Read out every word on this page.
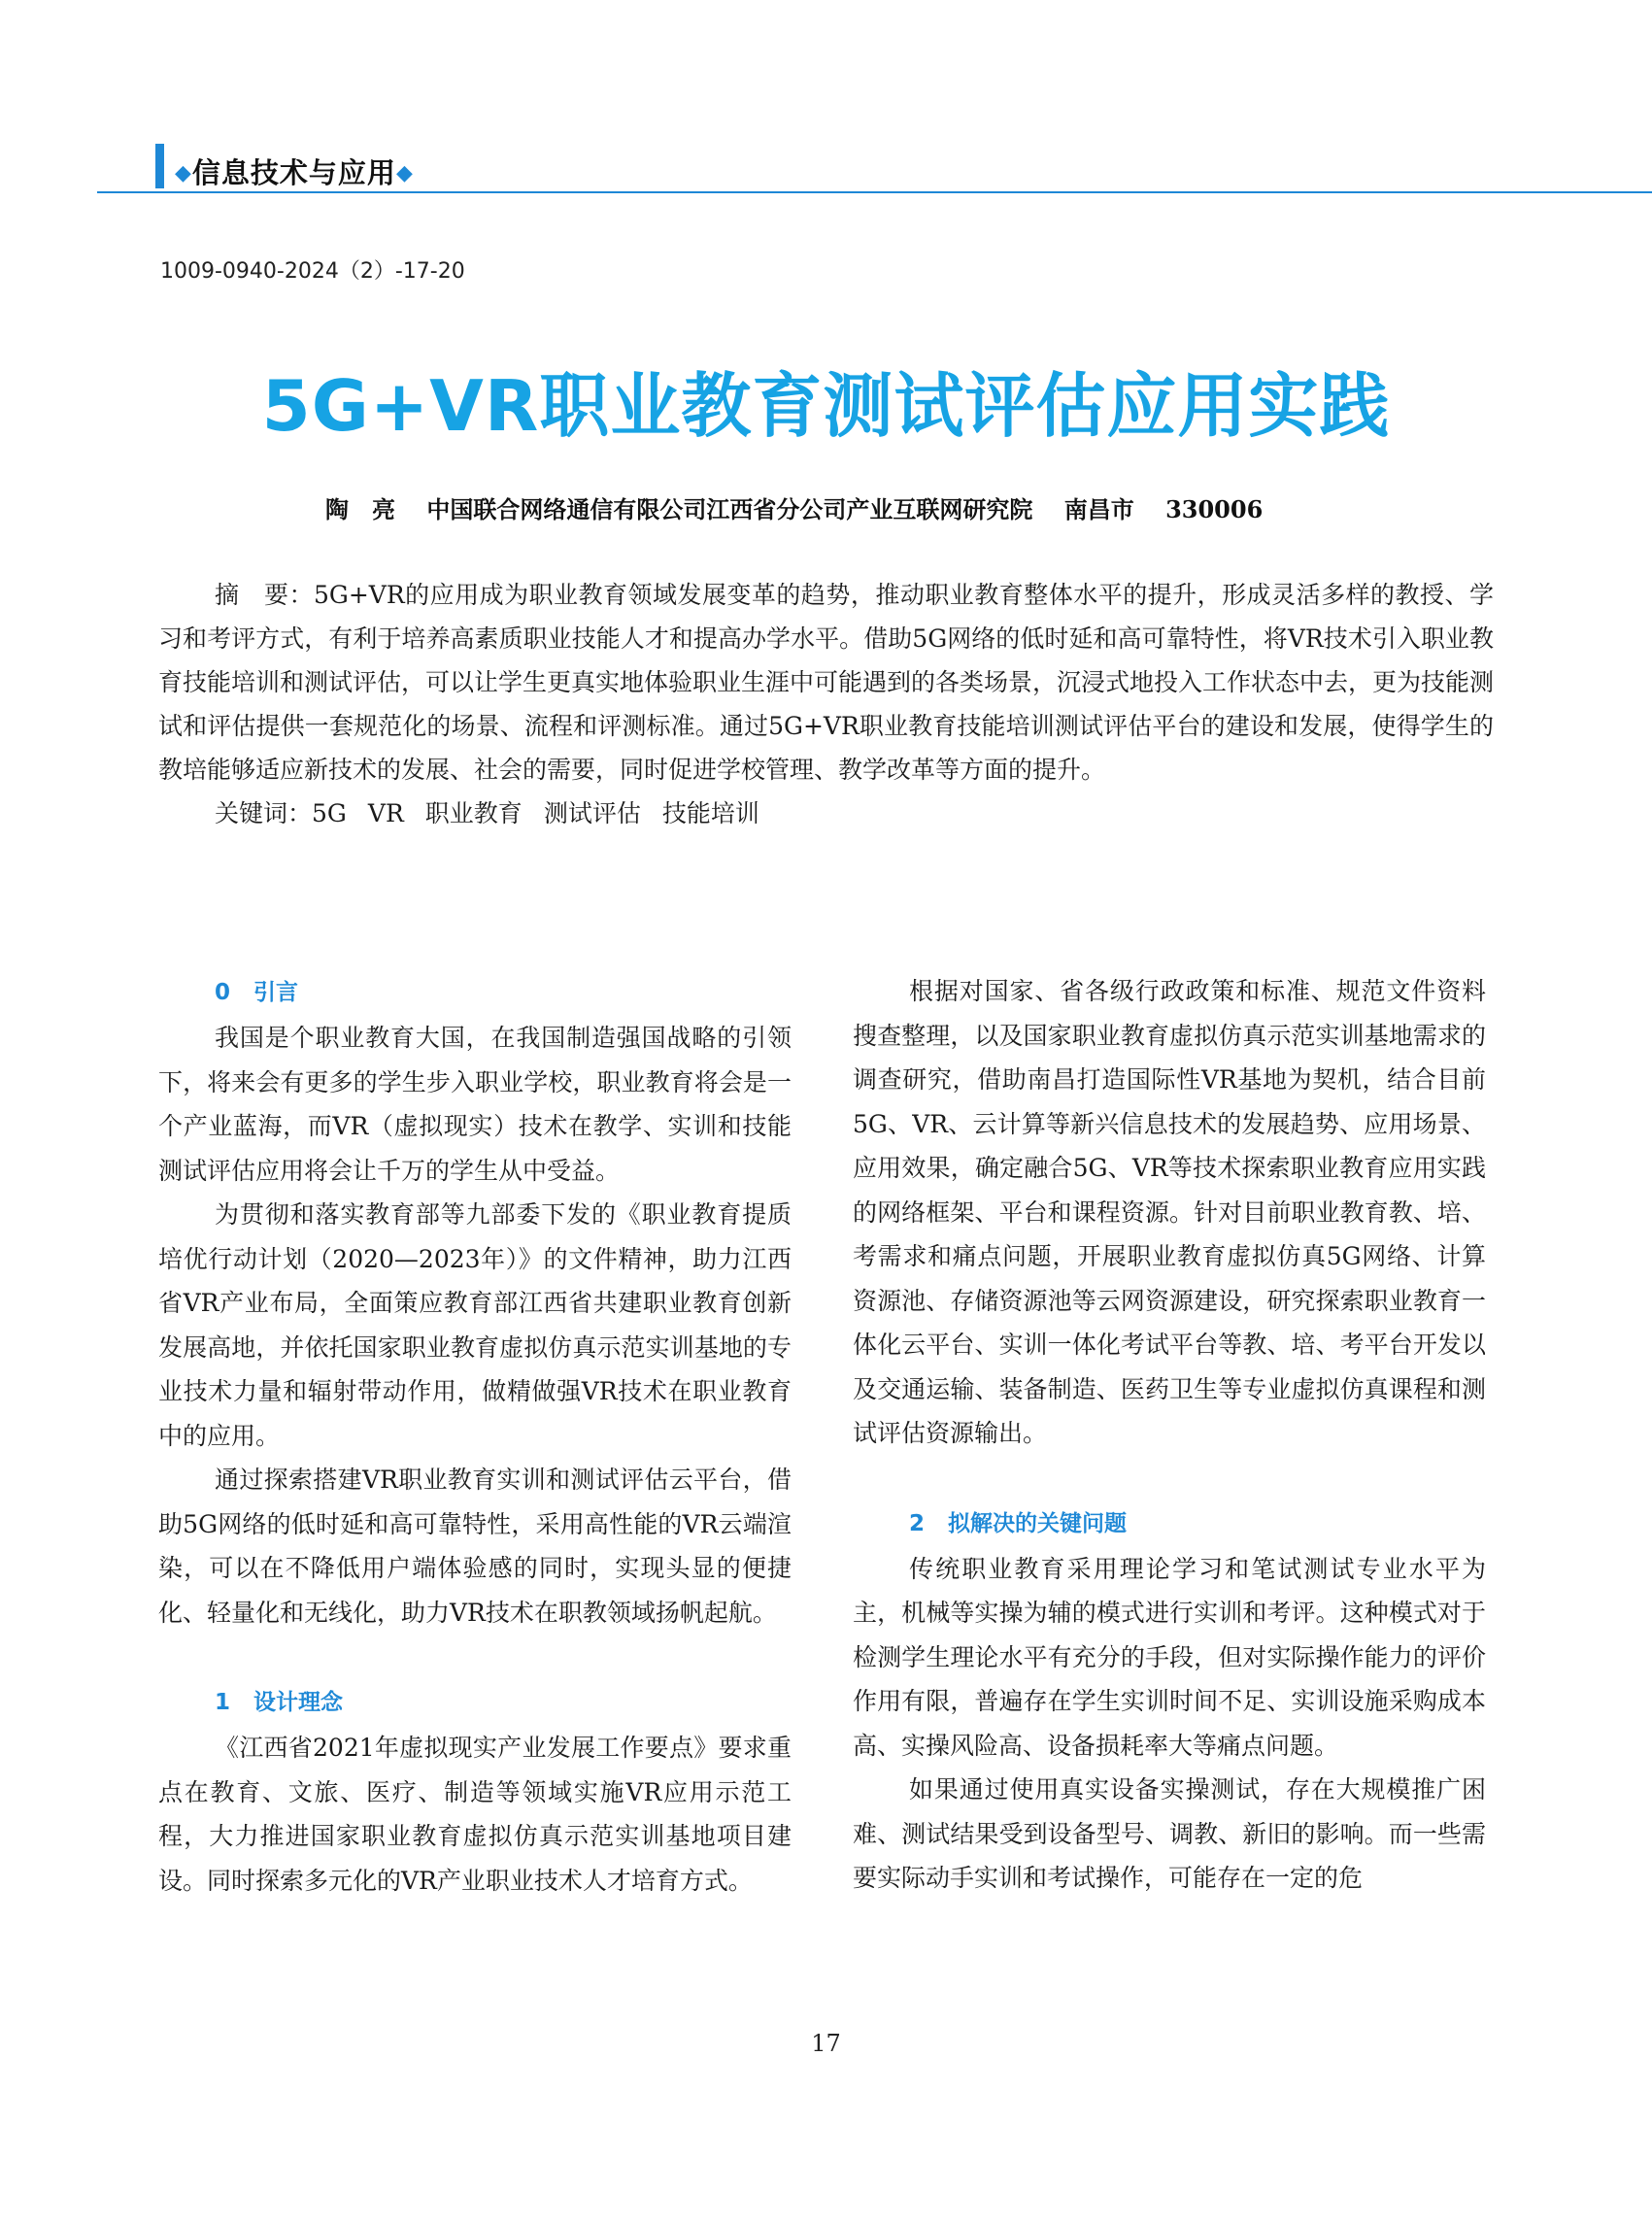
◆信息技术与应用◆
1009-0940-2024（2）-17-20
5G+VR职业教育测试评估应用实践
陶　亮 中国联合网络通信有限公司江西省分公司产业互联网研究院 南昌市 330006

摘　要：5G+VR的应用成为职业教育领域发展变革的趋势，推动职业教育整体水平的提升，形成灵活多样的教授、学习和考评方式，有利于培养高素质职业技能人才和提高办学水平。借助5G网络的低时延和高可靠特性，将VR技术引入职业教育技能培训和测试评估，可以让学生更真实地体验职业生涯中可能遇到的各类场景，沉浸式地投入工作状态中去，更为技能测试和评估提供一套规范化的场景、流程和评测标准。通过5G+VR职业教育技能培训测试评估平台的建设和发展，使得学生的教培能够适应新技术的发展、社会的需要，同时促进学校管理、教学改革等方面的提升。

关键词：5G VR 职业教育 测试评估 技能培训

0 引言

我国是个职业教育大国，在我国制造强国战略的引领下，将来会有更多的学生步入职业学校，职业教育将会是一个产业蓝海，而VR（虚拟现实）技术在教学、实训和技能测试评估应用将会让千万的学生从中受益。

为贯彻和落实教育部等九部委下发的《职业教育提质培优行动计划（2020—2023年）》的文件精神，助力江西省VR产业布局，全面策应教育部江西省共建职业教育创新发展高地，并依托国家职业教育虚拟仿真示范实训基地的专业技术力量和辐射带动作用，做精做强VR技术在职业教育中的应用。

通过探索搭建VR职业教育实训和测试评估云平台，借助5G网络的低时延和高可靠特性，采用高性能的VR云端渲染，可以在不降低用户端体验感的同时，实现头显的便捷化、轻量化和无线化，助力VR技术在职教领域扬帆起航。

1 设计理念

《江西省2021年虚拟现实产业发展工作要点》要求重点在教育、文旅、医疗、制造等领域实施VR应用示范工程，大力推进国家职业教育虚拟仿真示范实训基地项目建设。同时探索多元化的VR产业职业技术人才培育方式。

根据对国家、省各级行政政策和标准、规范文件资料搜查整理，以及国家职业教育虚拟仿真示范实训基地需求的调查研究，借助南昌打造国际性VR基地为契机，结合目前5G、VR、云计算等新兴信息技术的发展趋势、应用场景、应用效果，确定融合5G、VR等技术探索职业教育应用实践的网络框架、平台和课程资源。针对目前职业教育教、培、考需求和痛点问题，开展职业教育虚拟仿真5G网络、计算资源池、存储资源池等云网资源建设，研究探索职业教育一体化云平台、实训一体化考试平台等教、培、考平台开发以及交通运输、装备制造、医药卫生等专业虚拟仿真课程和测试评估资源输出。

2 拟解决的关键问题

传统职业教育采用理论学习和笔试测试专业水平为主，机械等实操为辅的模式进行实训和考评。这种模式对于检测学生理论水平有充分的手段，但对实际操作能力的评价作用有限，普遍存在学生实训时间不足、实训设施采购成本高、实操风险高、设备损耗率大等痛点问题。

如果通过使用真实设备实操测试，存在大规模推广困难、测试结果受到设备型号、调教、新旧的影响。而一些需要实际动手实训和考试操作，可能存在一定的危

17
